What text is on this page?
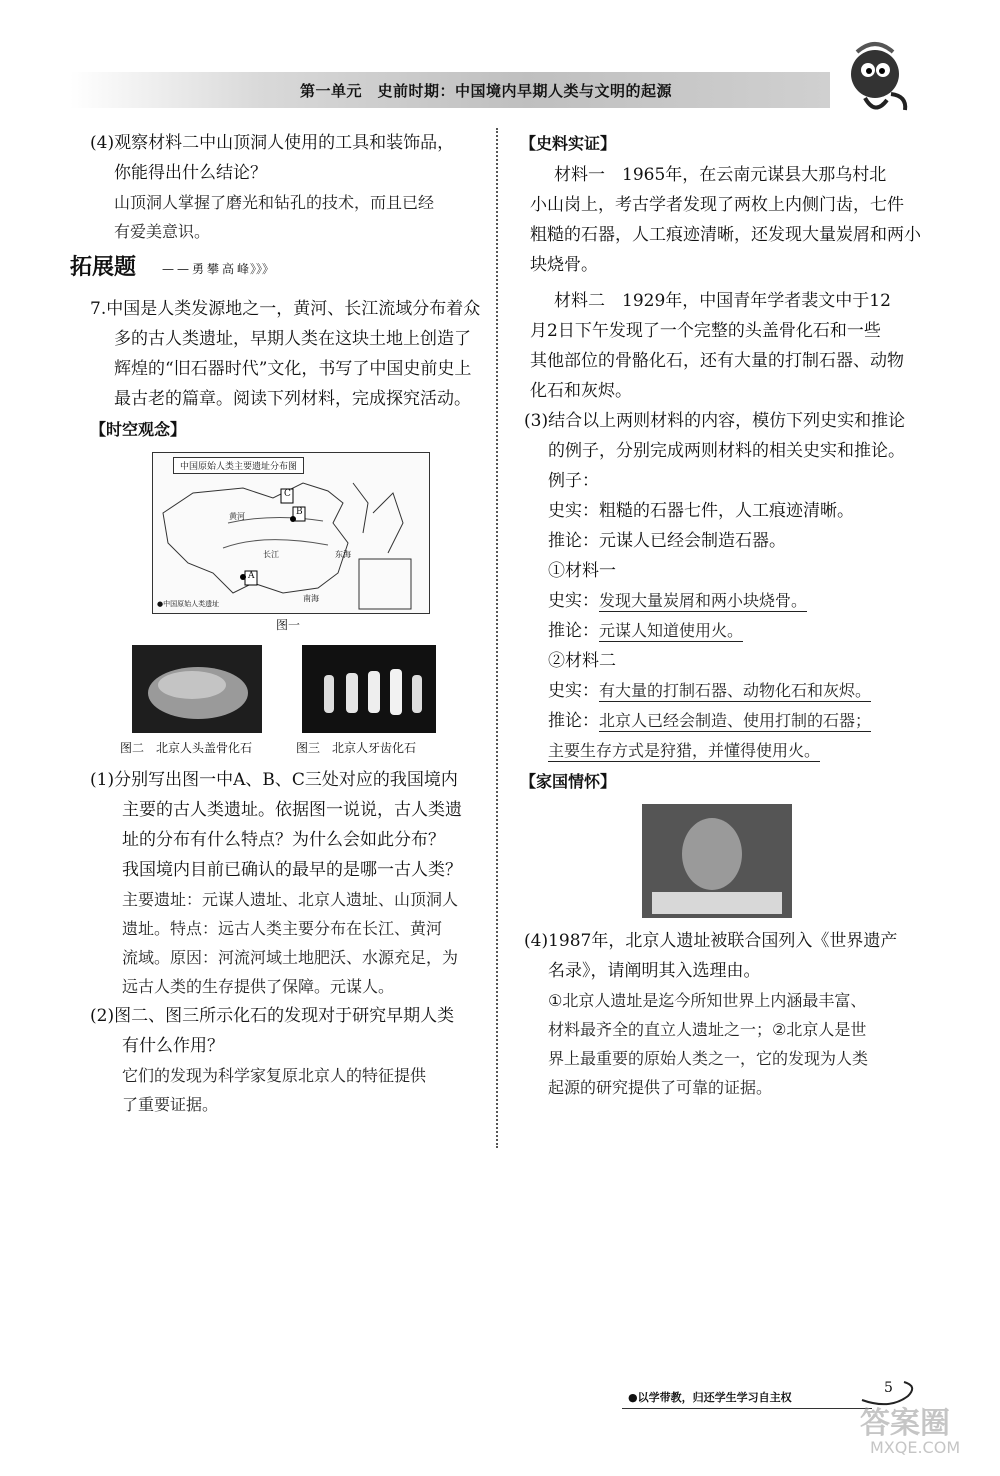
第一单元　史前时期：中国境内早期人类与文明的起源
(4)观察材料二中山顶洞人使用的工具和装饰品，
你能得出什么结论？
山顶洞人掌握了磨光和钻孔的技术，而且已经
有爱美意识。
拓展题 ——勇攀高峰
》》》
7.中国是人类发源地之一，黄河、长江流域分布着众
多的古人类遗址，早期人类在这块土地上创造了
辉煌的“旧石器时代”文化，书写了中国史前史上
最古老的篇章。阅读下列材料，完成探究活动。
【时空观念】
中国原始人类主要遗址分布图
C
B
A
黄河
长江	东海
南海
●中国原始人类遗址
图一
图二　北京人头盖骨化石	图三　北京人牙齿化石
(1)分别写出图一中A、B、C三处对应的我国境内
主要的古人类遗址。依据图一说说，古人类遗
址的分布有什么特点？为什么会如此分布？
我国境内目前已确认的最早的是哪一古人类？
主要遗址：元谋人遗址、北京人遗址、山顶洞人
遗址。特点：远古人类主要分布在长江、黄河
流域。原因：河流河域土地肥沃、水源充足，为
远古人类的生存提供了保障。元谋人。
(2)图二、图三所示化石的发现对于研究早期人类
有什么作用？
它们的发现为科学家复原北京人的特征提供
了重要证据。
【史料实证】
材料一　1965年，在云南元谋县大那乌村北
小山岗上，考古学者发现了两枚上内侧门齿，七件
粗糙的石器，人工痕迹清晰，还发现大量炭屑和两小
块烧骨。
材料二　1929年，中国青年学者裴文中于12
月2日下午发现了一个完整的头盖骨化石和一些
其他部位的骨骼化石，还有大量的打制石器、动物
化石和灰烬。
(3)结合以上两则材料的内容，模仿下列史实和推论
的例子，分别完成两则材料的相关史实和推论。
例子：
史实：粗糙的石器七件，人工痕迹清晰。
推论：元谋人已经会制造石器。
①材料一
史实：发现大量炭屑和两小块烧骨。
推论：元谋人知道使用火。
②材料二
史实：有大量的打制石器、动物化石和灰烬。
推论：北京人已经会制造、使用打制的石器；
主要生存方式是狩猎，并懂得使用火。
【家国情怀】
(4)1987年，北京人遗址被联合国列入《世界遗产
名录》，请阐明其入选理由。
①北京人遗址是迄今所知世界上内涵最丰富、
材料最齐全的直立人遗址之一；②北京人是世
界上最重要的原始人类之一，它的发现为人类
起源的研究提供了可靠的证据。
●以学带教，归还学生学习自主权
5
答案圈
MXQE.COM
